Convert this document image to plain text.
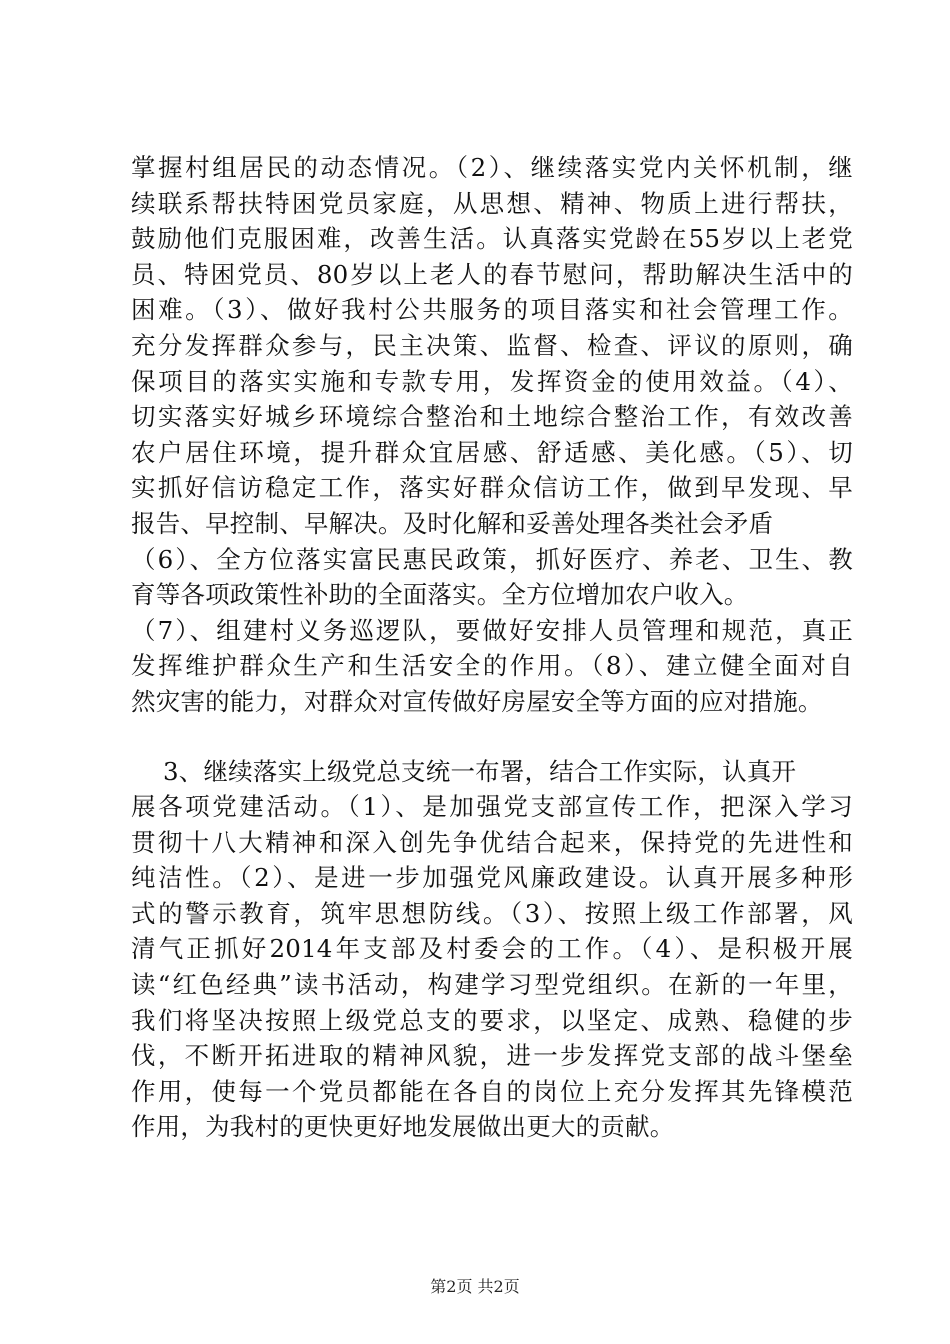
掌握村组居民的动态情况。（2）、继续落实党内关怀机制，继
续联系帮扶特困党员家庭，从思想、精神、物质上进行帮扶，
鼓励他们克服困难，改善生活。认真落实党龄在55岁以上老党
员、特困党员、80岁以上老人的春节慰问，帮助解决生活中的
困难。（3）、做好我村公共服务的项目落实和社会管理工作。
充分发挥群众参与，民主决策、监督、检查、评议的原则，确
保项目的落实实施和专款专用，发挥资金的使用效益。（4）、
切实落实好城乡环境综合整治和土地综合整治工作，有效改善
农户居住环境，提升群众宜居感、舒适感、美化感。（5）、切
实抓好信访稳定工作，落实好群众信访工作，做到早发现、早
报告、早控制、早解决。及时化解和妥善处理各类社会矛盾
（6）、全方位落实富民惠民政策，抓好医疗、养老、卫生、教
育等各项政策性补助的全面落实。全方位增加农户收入。
（7）、组建村义务巡逻队，要做好安排人员管理和规范，真正
发挥维护群众生产和生活安全的作用。（8）、建立健全面对自
然灾害的能力，对群众对宣传做好房屋安全等方面的应对措施。
3、继续落实上级党总支统一布署，结合工作实际，认真开
展各项党建活动。（1）、是加强党支部宣传工作，把深入学习
贯彻十八大精神和深入创先争优结合起来，保持党的先进性和
纯洁性。（2）、是进一步加强党风廉政建设。认真开展多种形
式的警示教育，筑牢思想防线。（3）、按照上级工作部署，风
清气正抓好2014年支部及村委会的工作。（4）、是积极开展
读“红色经典”读书活动，构建学习型党组织。在新的一年里，
我们将坚决按照上级党总支的要求，以坚定、成熟、稳健的步
伐，不断开拓进取的精神风貌，进一步发挥党支部的战斗堡垒
作用，使每一个党员都能在各自的岗位上充分发挥其先锋模范
作用，为我村的更快更好地发展做出更大的贡献。
第2页 共2页
